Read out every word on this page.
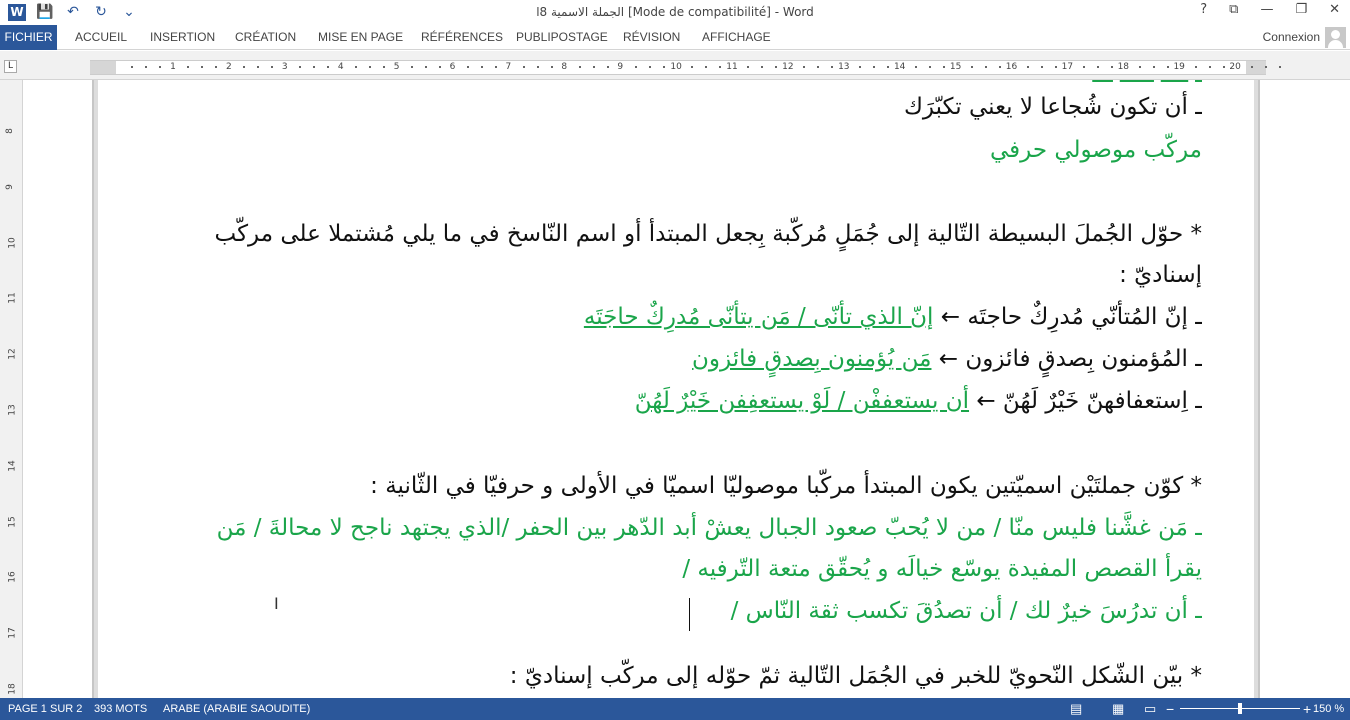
W 💾 ↶ ↻ ⌄	الجملة الاسمية 8ا [Mode de compatibilité] - Word	? ⧉ — ❐ ✕
FICHIER	ACCUEIL INSERTION CRÉATION MISE EN PAGE RÉFÉRENCES PUBLIPOSTAGE RÉVISION AFFICHAGE	Connexion
L	1	2	3	4	5	6	7	8	9	10	11	12	13	14	15	16	17	18	19	20
8
9
10
11
12
13
14
15
16
17
18
ـ أن تكون شُجاعا لا يعني تكبّرَك
مركّب موصولي حرفي
* حوّل الجُملَ البسيطة التّالية إلى جُمَلٍ مُركّبة بِجعل المبتدأ أو اسم النّاسخ في ما يلي مُشتملا على مركّب
إسناديّ :
ـ إنّ المُتأنّي مُدرِكٌ حاجتَه ← إنّ الذي تأنّى / مَن يتأنّى مُدرِكٌ حاجَتَه
ـ المُؤمنون بِصدقٍ فائزون ← مَن يُؤمنون بِصدقٍ فائزون
ـ اِستعفافهنّ خَيْرٌ لَهُنّ ← أن يستعففْن / لَوْ يستعفِفن خَيْرٌ لَهُنّ
* كوّن جملتَيْن اسميّتين يكون المبتدأ مركّبا موصوليّا اسميّا في الأولى و حرفيّا في الثّانية :
ـ مَن غشَّنا فليس منّا / من لا يُحبّ صعود الجبال يعشْ أبد الدّهر بين الحفر /الذي يجتهد ناجح لا محالةَ / مَن
يقرأ القصص المفيدة يوسّع خيالَه و يُحقّق متعة التّرفيه /
ـ أن تدرُسَ خيرٌ لك / أن تصدُقَ تكسب ثقة النّاس /
* بيّن الشّكل النّحويّ للخبر في الجُمَل التّالية ثمّ حوّله إلى مركّب إسناديّ :
I
PAGE 1 SUR 2 393 MOTS ARABE (ARABIE SAOUDITE)	▤ ▦ ▭ −	+ 150 %
